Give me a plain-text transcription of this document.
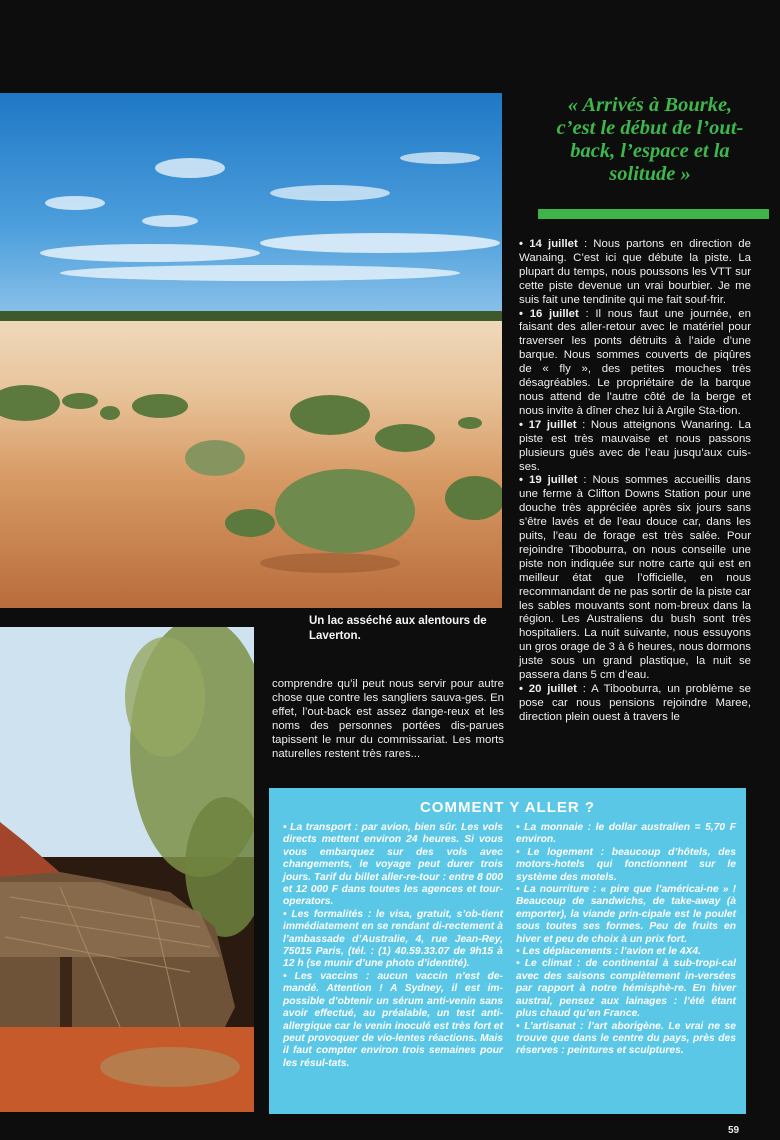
Un lac asséché aux alentours de
Laverton.
« Arrivés à Bourke,
c’est le début de l’out-
back, l’espace et la
solitude »

• 14 juillet : Nous partons en direction de Wanaing. C’est ici que débute la piste. La plupart du temps, nous poussons les VTT sur cette piste devenue un vrai bourbier. Je me suis fait une tendinite qui me fait souf-frir.

• 16 juillet : Il nous faut une journée, en faisant des aller-retour avec le matériel pour traverser les ponts détruits à l’aide d’une barque. Nous sommes couverts de piqûres de « fly », des petites mouches très désagréables. Le propriétaire de la barque nous attend de l’autre côté de la berge et nous invite à dîner chez lui à Argile Sta-tion.

• 17 juillet : Nous atteignons Wanaring. La piste est très mauvaise et nous passons plusieurs gués avec de l’eau jusqu’aux cuis-ses.

• 19 juillet : Nous sommes accueillis dans une ferme à Clifton Downs Station pour une douche très appréciée après six jours sans s’être lavés et de l’eau douce car, dans les puits, l’eau de forage est très salée. Pour rejoindre Tibooburra, on nous conseille une piste non indiquée sur notre carte qui est en meilleur état que l’officielle, en nous recommandant de ne pas sortir de la piste car les sables mouvants sont nom-breux dans la région. Les Australiens du bush sont très hospitaliers. La nuit suivante, nous essuyons un gros orage de 3 à 6 heures, nous dormons juste sous un grand plastique, la nuit se passera dans 5 cm d’eau.

• 20 juillet : A Tibooburra, un problème se pose car nous pensions rejoindre Maree, direction plein ouest à travers le

comprendre qu’il peut nous servir pour autre chose que contre les sangliers sauva-ges. En effet, l’out-back est assez dange-reux et les noms des personnes portées dis-parues tapissent le mur du commissariat. Les morts naturelles restent très rares...

COMMENT Y ALLER ?

• La transport : par avion, bien sûr. Les vols directs mettent environ 24 heures. Si vous vous embarquez sur des vols avec changements, le voyage peut durer trois jours. Tarif du billet aller-re-tour : entre 8 000 et 12 000 F dans toutes les agences et tour-operators.

• Les formalités : le visa, gratuit, s’ob-tient immédiatement en se rendant di-rectement à l’ambassade d’Australie, 4, rue Jean-Rey, 75015 Paris, (tél. : (1) 40.59.33.07 de 9h15 à 12 h (se munir d’une photo d’identité).

• Les vaccins : aucun vaccin n’est de-mandé. Attention ! A Sydney, il est im-possible d’obtenir un sérum anti-venin sans avoir effectué, au préalable, un test anti-allergique car le venin inoculé est très fort et peut provoquer de vio-lentes réactions. Mais il faut compter environ trois semaines pour les résul-tats.

• La monnaie : le dollar australien = 5,70 F environ.

• Le logement : beaucoup d’hôtels, des motors-hotels qui fonctionnent sur le système des motels.

• La nourriture : « pire que l’américai-ne » ! Beaucoup de sandwichs, de take-away (à emporter), la viande prin-cipale est le poulet sous toutes ses formes. Peu de fruits en hiver et peu de choix à un prix fort.

• Les déplacements : l’avion et le 4X4.

• Le climat : de continental à sub-tropi-cal avec des saisons complètement in-versées par rapport à notre hémisphè-re. En hiver austral, pensez aux lainages : l’été étant plus chaud qu’en France.

• L’artisanat : l’art aborigène. Le vrai ne se trouve que dans le centre du pays, près des réserves : peintures et sculptures.

59
